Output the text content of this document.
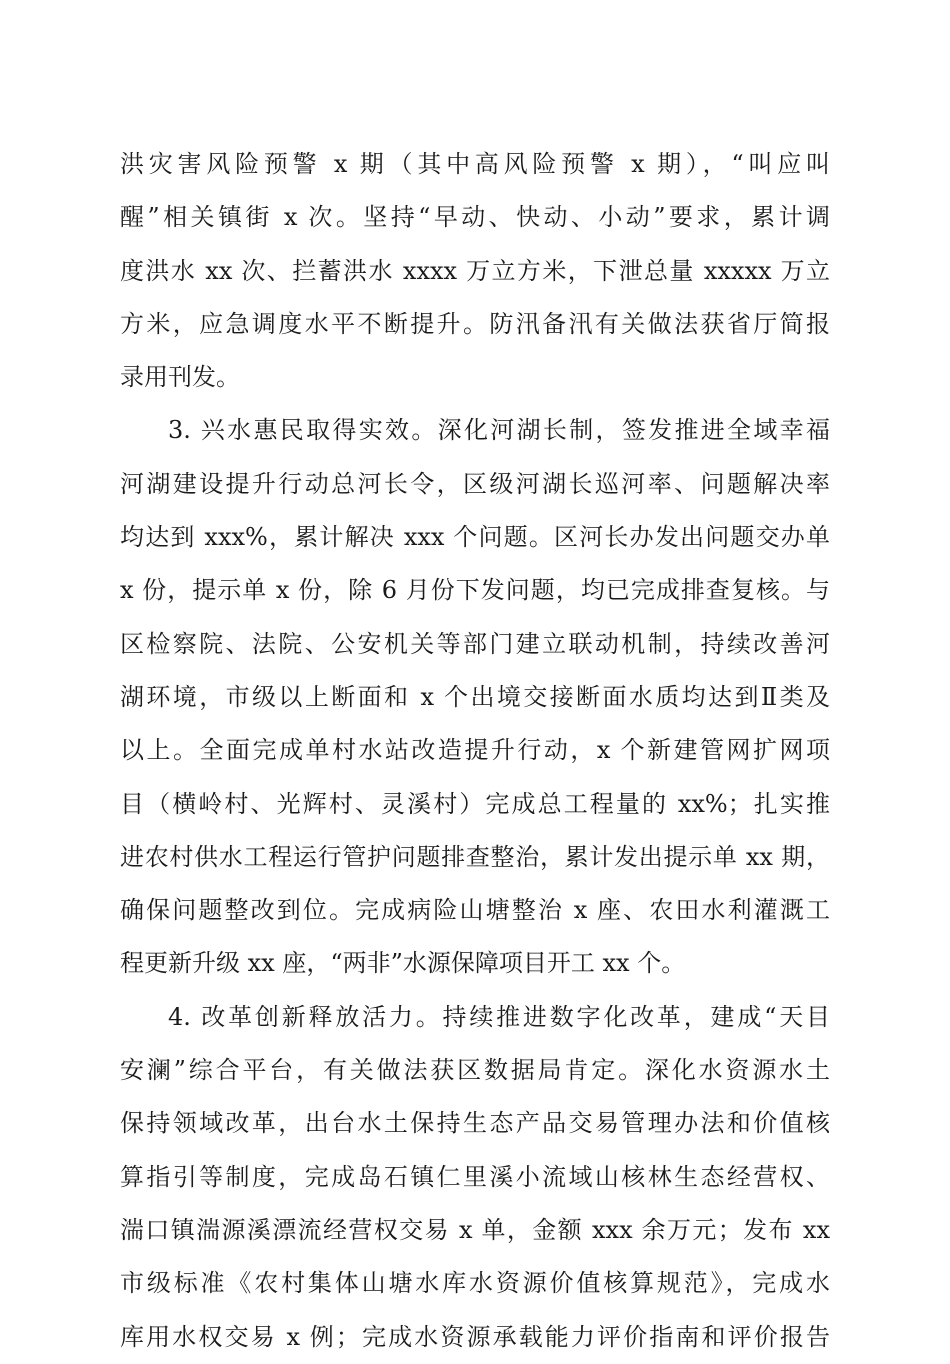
洪灾害风险预警 x 期（其中高风险预警 x 期），“叫应叫
醒”相关镇街 x 次。坚持“早动、快动、小动”要求，累计调
度洪水 xx 次、拦蓄洪水 xxxx 万立方米，下泄总量 xxxxx 万立
方米，应急调度水平不断提升。防汛备汛有关做法获省厅简报
录用刊发。
3. 兴水惠民取得实效。深化河湖长制，签发推进全域幸福
河湖建设提升行动总河长令，区级河湖长巡河率、问题解决率
均达到 xxx%，累计解决 xxx 个问题。区河长办发出问题交办单
x 份，提示单 x 份，除 6 月份下发问题，均已完成排查复核。与
区检察院、法院、公安机关等部门建立联动机制，持续改善河
湖环境，市级以上断面和 x 个出境交接断面水质均达到Ⅱ类及
以上。全面完成单村水站改造提升行动，x 个新建管网扩网项
目（横岭村、光辉村、灵溪村）完成总工程量的 xx%；扎实推
进农村供水工程运行管护问题排查整治，累计发出提示单 xx 期，
确保问题整改到位。完成病险山塘整治 x 座、农田水利灌溉工
程更新升级 xx 座，“两非”水源保障项目开工 xx 个。
4. 改革创新释放活力。持续推进数字化改革，建成“天目
安澜”综合平台，有关做法获区数据局肯定。深化水资源水土
保持领域改革，出台水土保持生态产品交易管理办法和价值核
算指引等制度，完成岛石镇仁里溪小流域山核林生态经营权、
湍口镇湍源溪漂流经营权交易 x 单，金额 xxx 余万元；发布 xx
市级标准《农村集体山塘水库水资源价值核算规范》，完成水
库用水权交易 x 例；完成水资源承载能力评价指南和评价报告
